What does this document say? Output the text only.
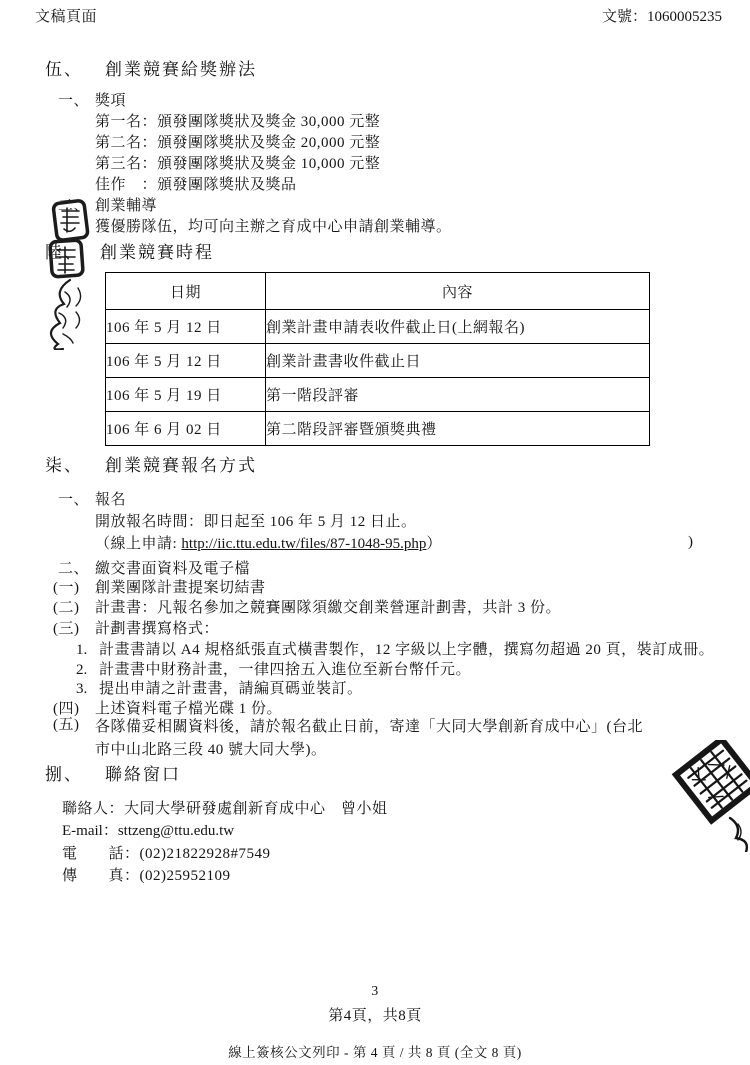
文稿頁面	文號：1060005235
伍、 創業競賽給獎辦法
一、 獎項
第一名：頒發團隊獎狀及獎金 30,000 元整
第二名：頒發團隊獎狀及獎金 20,000 元整
第三名：頒發團隊獎狀及獎金 10,000 元整
佳作　：頒發團隊獎狀及獎品
二、 創業輔導
獲優勝隊伍，均可向主辦之育成中心申請創業輔導。
陸、 創業競賽時程
日期	內容
106 年 5 月 12 日	創業計畫申請表收件截止日(上網報名)
106 年 5 月 12 日	創業計畫書收件截止日
106 年 5 月 19 日	第一階段評審
106 年 6 月 02 日	第二階段評審暨頒獎典禮
柒、 創業競賽報名方式
一、 報名
開放報名時間：即日起至 106 年 5 月 12 日止。
（線上申請: http://iic.ttu.edu.tw/files/87-1048-95.php）	)
二、 繳交書面資料及電子檔
(一) 創業團隊計畫提案切結書
(二) 計畫書：凡報名參加之競賽團隊須繳交創業營運計劃書，共計 3 份。
(三) 計劃書撰寫格式：
1. 計畫書請以 A4 規格紙張直式橫書製作，12 字級以上字體，撰寫勿超過 20 頁，裝訂成冊。
2. 計畫書中財務計畫，一律四捨五入進位至新台幣仟元。
3. 提出申請之計畫書，請編頁碼並裝訂。
(四) 上述資料電子檔光碟 1 份。
(五) 各隊備妥相關資料後，請於報名截止日前，寄達「大同大學創新育成中心」(台北市中山北路三段 40 號大同大學)。
捌、 聯絡窗口
聯絡人：大同大學研發處創新育成中心　曾小姐
E-mail：sttzeng@ttu.edu.tw
電　　話：(02)21822928#7549
傳　　真：(02)25952109
3
第4頁，共8頁
線上簽核公文列印 - 第 4 頁 / 共 8 頁 (全文 8 頁)
